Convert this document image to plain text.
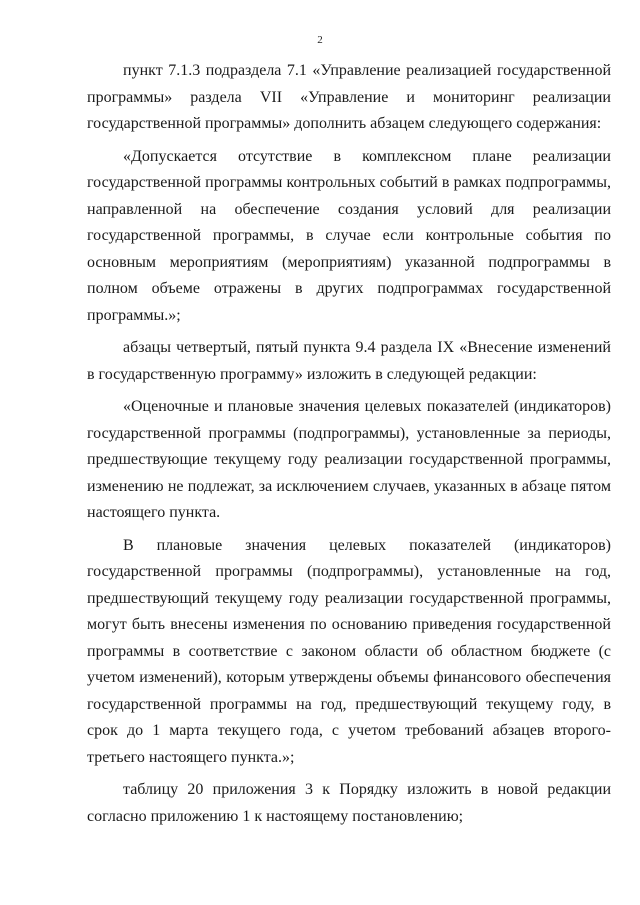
2

пункт 7.1.3 подраздела 7.1 «Управление реализацией государственной программы» раздела VII «Управление и мониторинг реализации государственной программы» дополнить абзацем следующего содержания:

«Допускается отсутствие в комплексном плане реализации государственной программы контрольных событий в рамках подпрограммы, направленной на обеспечение создания условий для реализации государственной программы, в случае если контрольные события по основным мероприятиям (мероприятиям) указанной подпрограммы в полном объеме отражены в других подпрограммах государственной программы.»;

абзацы четвертый, пятый пункта 9.4 раздела IX «Внесение изменений в государственную программу» изложить в следующей редакции:

«Оценочные и плановые значения целевых показателей (индикаторов) государственной программы (подпрограммы), установленные за периоды, предшествующие текущему году реализации государственной программы, изменению не подлежат, за исключением случаев, указанных в абзаце пятом настоящего пункта.

В плановые значения целевых показателей (индикаторов) государственной программы (подпрограммы), установленные на год, предшествующий текущему году реализации государственной программы, могут быть внесены изменения по основанию приведения государственной программы в соответствие с законом области об областном бюджете (с учетом изменений), которым утверждены объемы финансового обеспечения государственной программы на год, предшествующий текущему году, в срок до 1 марта текущего года, с учетом требований абзацев второго-третьего настоящего пункта.»;

таблицу 20 приложения 3 к Порядку изложить в новой редакции согласно приложению 1 к настоящему постановлению;
